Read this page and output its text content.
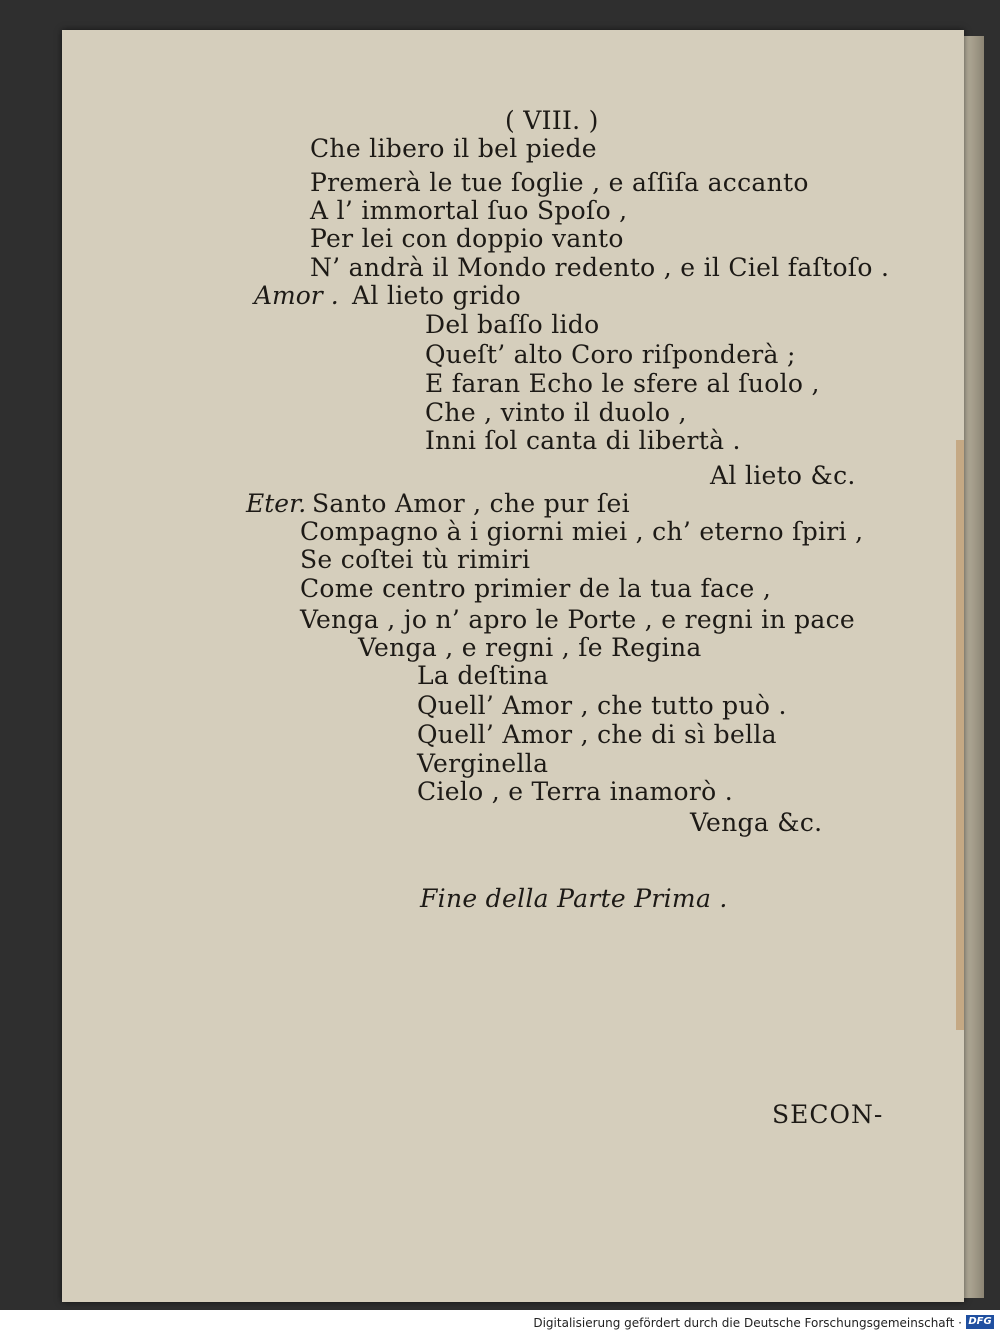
( VIII. )
Che libero il bel piede
Premerà le tue ſoglie , e aſſiſa accanto
A l’ immortal ſuo Spoſo ,
Per lei con doppio vanto
N’ andrà il Mondo redento , e il Ciel faſtoſo .
Amor . Al lieto grido
Del baſſo lido
Queſt’ alto Coro riſponderà ;
E faran Echo le sfere al ſuolo ,
Che , vinto il duolo ,
Inni ſol canta di libertà .
Al lieto &c.
Eter. Santo Amor , che pur ſei
Compagno à i giorni miei , ch’ eterno ſpiri ,
Se coſtei tù rimiri
Come centro primier de la tua face ,
Venga , jo n’ apro le Porte , e regni in pace
Venga , e regni , ſe Regina
La deſtina
Quell’ Amor , che tutto può .
Quell’ Amor , che di sì bella
Verginella
Cielo , e Terra inamorò .
Venga &c.
Fine della Parte Prima .
SECON-
Digitalisierung gefördert durch die Deutsche Forschungsgemeinschaft · DFG
